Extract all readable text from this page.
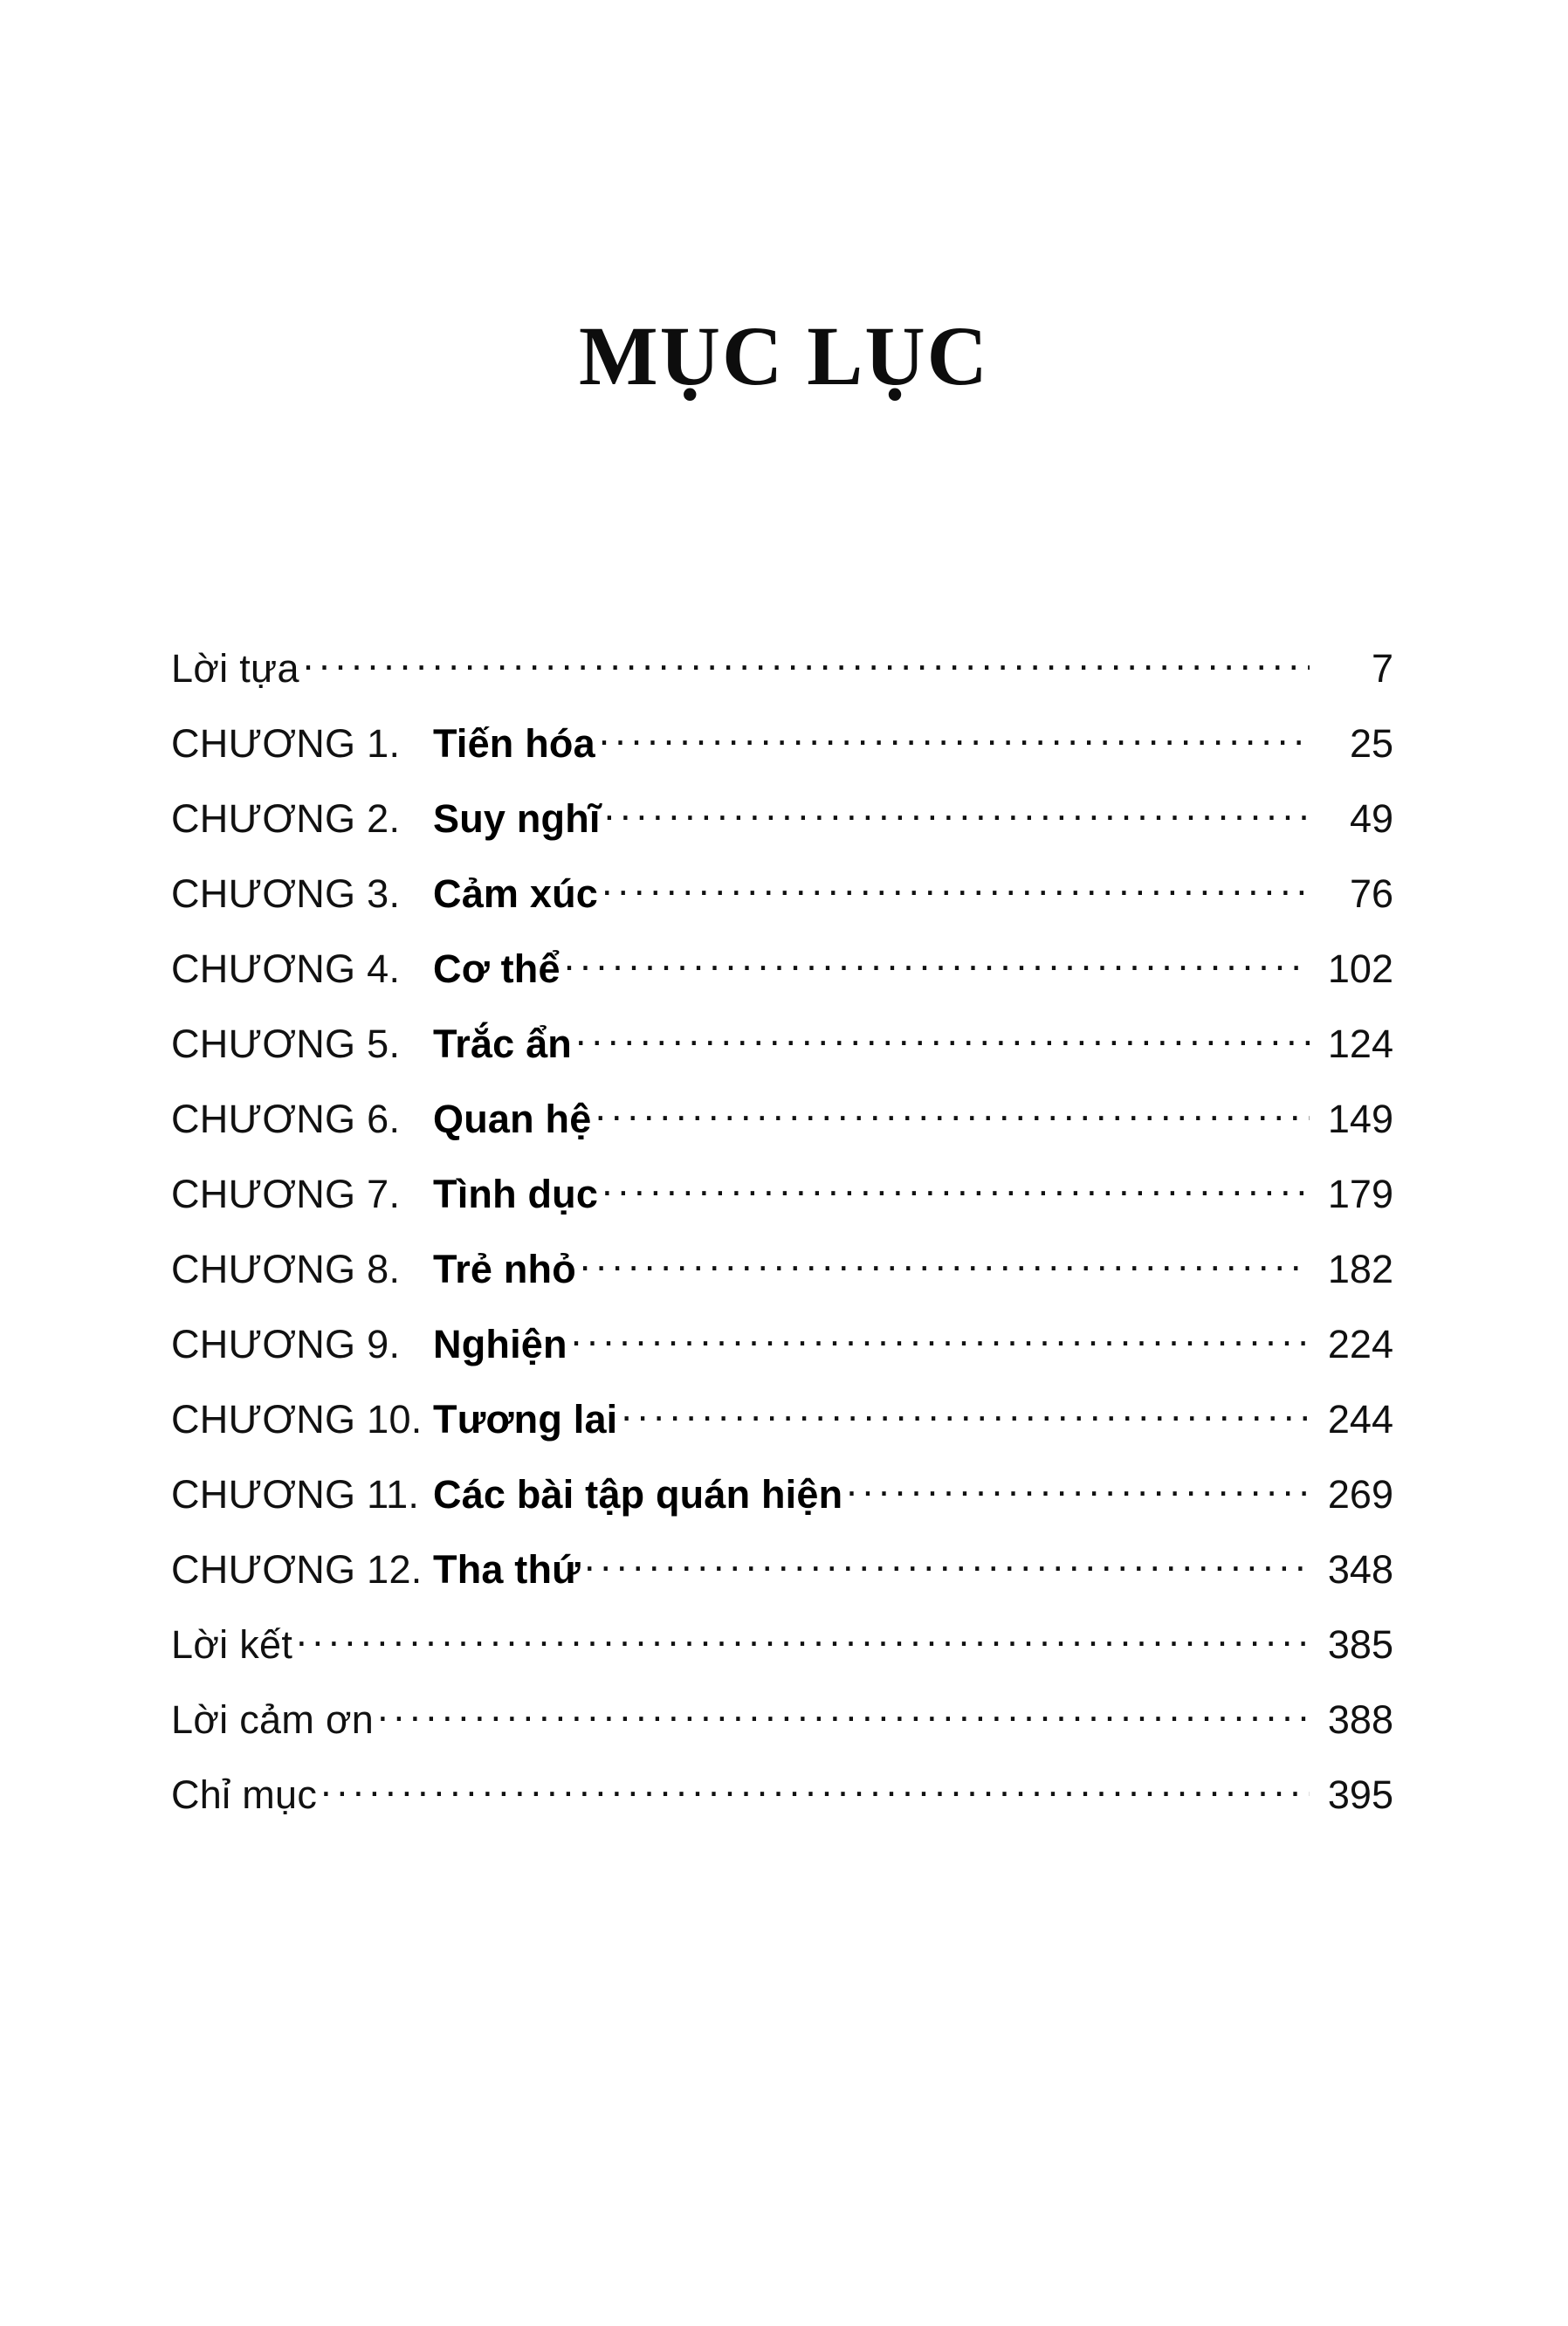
MỤC LỤC
Lời tựa .....	7
CHƯƠNG 1. Tiến hóa .....	25
CHƯƠNG 2. Suy nghĩ .....	49
CHƯƠNG 3. Cảm xúc .....	76
CHƯƠNG 4. Cơ thể .....	102
CHƯƠNG 5. Trắc ẩn .....	124
CHƯƠNG 6. Quan hệ .....	149
CHƯƠNG 7. Tình dục .....	179
CHƯƠNG 8. Trẻ nhỏ .....	182
CHƯƠNG 9. Nghiện .....	224
CHƯƠNG 10. Tương lai .....	244
CHƯƠNG 11. Các bài tập quán hiện .....	269
CHƯƠNG 12. Tha thứ .....	348
Lời kết .....	385
Lời cảm ơn .....	388
Chỉ mục .....	395
